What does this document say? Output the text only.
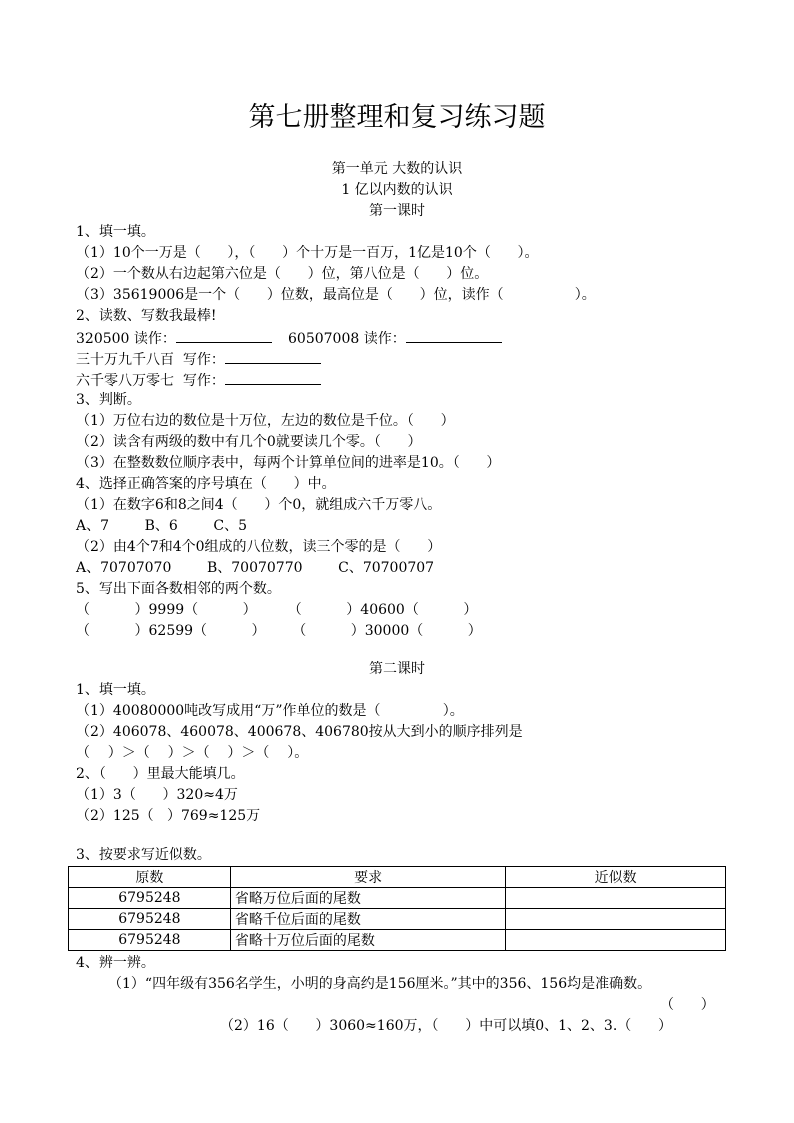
第七册整理和复习练习题
第一单元 大数的认识
1 亿以内数的认识
第一课时
1、填一填。
（1）10个一万是（      ），（      ）个十万是一百万，1亿是10个（      ）。
（2）一个数从右边起第六位是（      ）位，第八位是（      ）位。
（3）35619006是一个（      ）位数，最高位是（      ）位，读作（                ）。
2、读数、写数我最棒!
320500 读作：	60507008 读作：
三十万九千八百  写作：
六千零八万零七  写作：
3、判断。
（1）万位右边的数位是十万位，左边的数位是千位。（      ）
（2）读含有两级的数中有几个0就要读几个零。（      ）
（3）在整数数位顺序表中，每两个计算单位间的进率是10。（      ）
4、选择正确答案的序号填在（      ）中。
（1）在数字6和8之间4（      ）个0，就组成六千万零八。
A、7        B、6        C、5
（2）由4个7和4个0组成的八位数，读三个零的是（      ）
A、70707070        B、70070770        C、70700707
5、写出下面各数相邻的两个数。
（          ）9999（          ）       （          ）40600（          ）
（          ）62599（          ）      （          ）30000（          ）
第二课时
1、填一填。
（1）40080000吨改写成用“万”作单位的数是（              ）。
（2）406078、460078、400678、406780按从大到小的顺序排列是
（    ）＞（    ）＞（    ）＞（    ）。
2、（      ）里最大能填几。
（1）3（      ）320≈4万
（2）125（   ）769≈125万
3、按要求写近似数。
原数	要求	近似数
6795248	省略万位后面的尾数	
6795248	省略千位后面的尾数	
6795248	省略十万位后面的尾数	
4、辨一辨。
（1）“四年级有356名学生，小明的身高约是156厘米。”其中的356、156均是准确数。
（      ）
（2）16（      ）3060≈160万，（      ）中可以填0、1、2、3.（      ）
